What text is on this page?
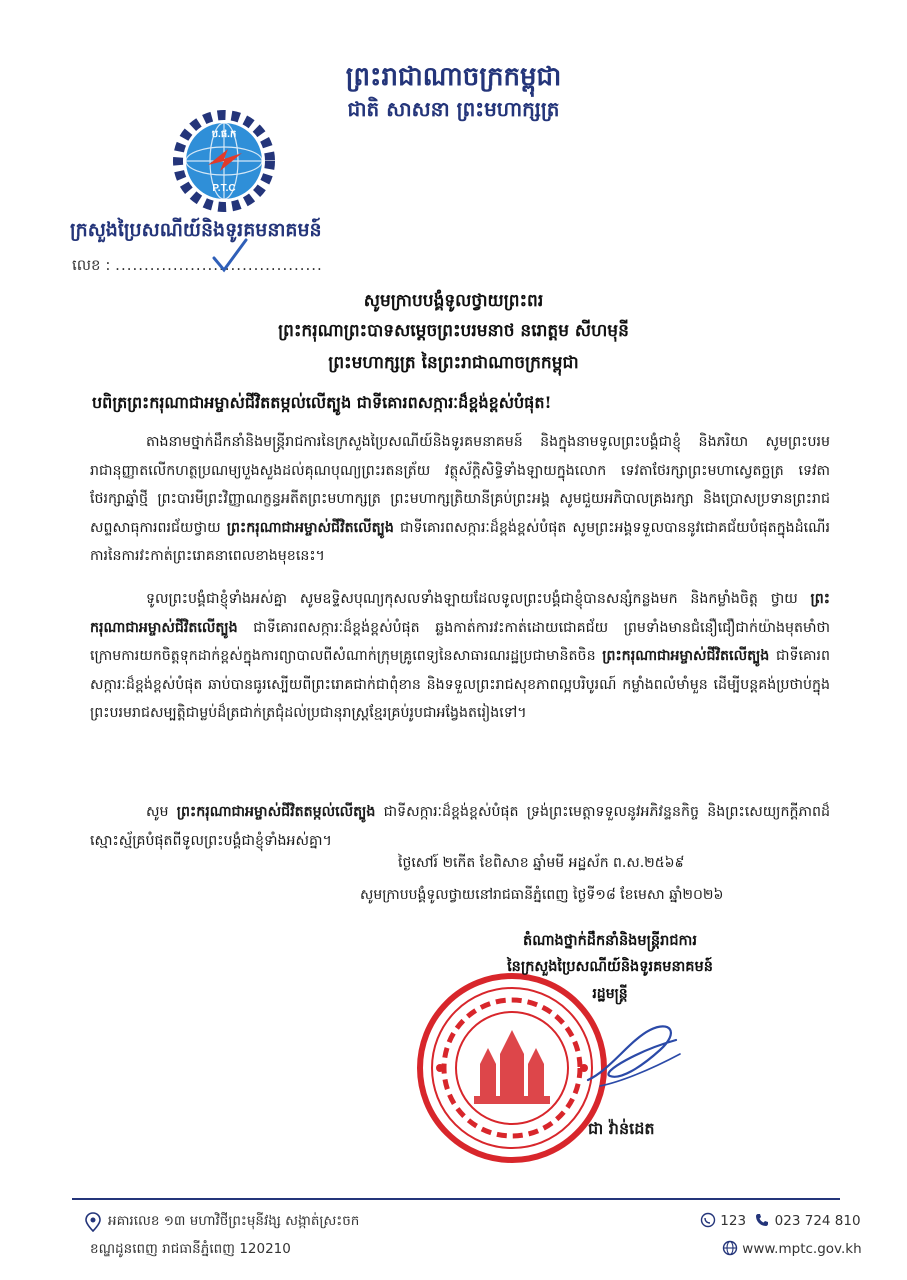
ព្រះរាជាណាចក្រកម្ពុជា
ជាតិ សាសនា ព្រះមហាក្សត្រ
ប.ផ.ក
P.T.C
ក្រសួងប្រៃសណីយ៍និងទូរគមនាគមន៍
លេខ : ....................................
សូមក្រាបបង្គំទូលថ្វាយព្រះពរ
ព្រះករុណាព្រះបាទសម្ដេចព្រះបរមនាថ នរោត្តម សីហមុនី
ព្រះមហាក្សត្រ នៃព្រះរាជាណាចក្រកម្ពុជា
បពិត្រព្រះករុណាជាអម្ចាស់ជីវិតតម្កល់លើត្បូង ជាទីគោរពសក្ការៈដ៏ខ្ពង់ខ្ពស់បំផុត!
តាងនាមថ្នាក់ដឹកនាំនិងមន្ត្រីរាជការនៃក្រសួងប្រៃសណីយ៍និងទូរគមនាគមន៍ និងក្នុងនាមទូលព្រះបង្គំជាខ្ញុំ និងភរិយា សូមព្រះបរមរាជានុញ្ញាតលើកហត្ថប្រណម្យបួងសួងដល់គុណបុណ្យព្រះរតនត្រ័យ វត្ថុស័ក្តិសិទ្ធិទាំងឡាយក្នុងលោក ទេវតាថែរក្សាព្រះមហាស្វេតច្ឆត្រ ទេវតាថែរក្សាឆ្នាំថ្មី ព្រះបារមីព្រះវិញ្ញាណក្ខន្ធអតីតព្រះមហាក្សត្រ ព្រះមហាក្សត្រិយានីគ្រប់ព្រះអង្គ សូមជួយអភិបាលគ្រងរក្សា និងប្រោសប្រទានព្រះរាជសព្ទសាធុការពរជ័យថ្វាយ ព្រះករុណាជាអម្ចាស់ជីវិតលើត្បូង ជាទីគោរពសក្ការៈដ៏ខ្ពង់ខ្ពស់បំផុត សូមព្រះអង្គទទួលបាននូវជោគជ័យបំផុតក្នុងដំណើរការនៃការវះកាត់ព្រះរោគនាពេលខាងមុខនេះ។
ទូលព្រះបង្គំជាខ្ញុំទាំងអស់គ្នា សូមឧទ្ទិសបុណ្យកុសលទាំងឡាយដែលទូលព្រះបង្គំជាខ្ញុំបានសន្សំកន្លងមក និងកម្លាំងចិត្ត ថ្វាយ ព្រះករុណាជាអម្ចាស់ជីវិតលើត្បូង ជាទីគោរពសក្ការៈដ៏ខ្ពង់ខ្ពស់បំផុត ឆ្លងកាត់ការវះកាត់ដោយជោគជ័យ ព្រមទាំងមានជំនឿជឿជាក់យ៉ាងមុតមាំថា ក្រោមការយកចិត្តទុកដាក់ខ្ពស់ក្នុងការព្យាបាលពីសំណាក់ក្រុមគ្រូពេទ្យនៃសាធារណរដ្ឋប្រជាមានិតចិន ព្រះករុណាជាអម្ចាស់ជីវិតលើត្បូង ជាទីគោរពសក្ការៈដ៏ខ្ពង់ខ្ពស់បំផុត ឆាប់បានធូរស្បើយពីព្រះរោគជាក់ជាពុំខាន និងទទួលព្រះរាជសុខភាពល្អបរិបូរណ៍ កម្លាំងពលំមាំមួន ដើម្បីបន្តគង់ប្រថាប់ក្នុងព្រះបរមរាជសម្បត្តិជាម្លប់ដ៏ត្រជាក់ត្រជុំដល់ប្រជានុរាស្ត្រខ្មែរគ្រប់រូបជាអង្វែងតរៀងទៅ។
សូម ព្រះករុណាជាអម្ចាស់ជីវិតតម្កល់លើត្បូង ជាទីសក្ការៈដ៏ខ្ពង់ខ្ពស់បំផុត ទ្រង់ព្រះមេត្តាទទួលនូវអភិវន្ទនកិច្ច និងព្រះសេយ្យកក្ដីភាពដ៏ស្មោះស្ម័គ្របំផុតពីទូលព្រះបង្គំជាខ្ញុំទាំងអស់គ្នា។
ថ្ងៃសៅរ៍ ២កើត ខែពិសាខ ឆ្នាំមមី អដ្ឋស័ក ព.ស.២៥៦៩
សូមក្រាបបង្គំទូលថ្វាយនៅរាជធានីភ្នំពេញ ថ្ងៃទី១៨ ខែមេសា ឆ្នាំ២០២៦
តំណាងថ្នាក់ដឹកនាំនិងមន្ត្រីរាជការ
នៃក្រសួងប្រៃសណីយ៍និងទូរគមនាគមន៍
រដ្ឋមន្ត្រី
ជា វ៉ាន់ដេត
អគារលេខ ១៣ មហាវិថីព្រះមុនីវង្ស សង្កាត់ស្រះចក
ខណ្ឌដូនពេញ រាជធានីភ្នំពេញ 120210
123 023 724 810
www.mptc.gov.kh
